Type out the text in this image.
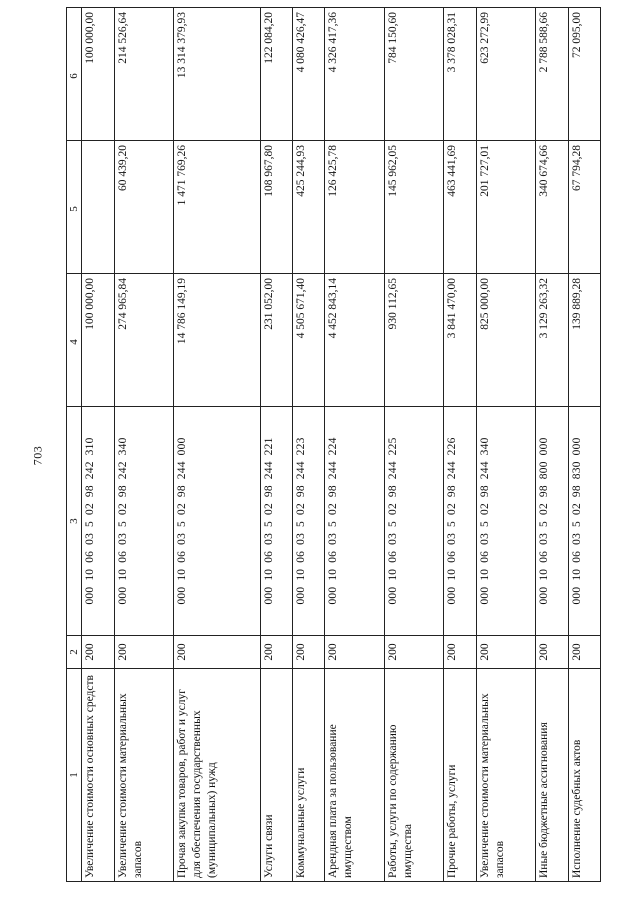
703
1	2	3	4	5	6
Увеличение стоимости основных средств	200	00010060350298242310	100 000,00		100 000,00
Увеличение стоимости материальных запасов	200	00010060350298242340	274 965,84	60 439,20	214 526,64
Прочая закупка товаров, работ и услуг для обеспечения государственных (муниципальных) нужд	200	00010060350298244000	14 786 149,19	1 471 769,26	13 314 379,93
Услуги связи	200	00010060350298244221	231 052,00	108 967,80	122 084,20
Коммунальные услуги	200	00010060350298244223	4 505 671,40	425 244,93	4 080 426,47
Арендная плата за пользование имуществом	200	00010060350298244224	4 452 843,14	126 425,78	4 326 417,36
Работы, услуги по содержанию имущества	200	00010060350298244225	930 112,65	145 962,05	784 150,60
Прочие работы, услуги	200	00010060350298244226	3 841 470,00	463 441,69	3 378 028,31
Увеличение стоимости материальных запасов	200	00010060350298244340	825 000,00	201 727,01	623 272,99
Иные бюджетные ассигнования	200	00010060350298800000	3 129 263,32	340 674,66	2 788 588,66
Исполнение судебных актов	200	00010060350298830000	139 889,28	67 794,28	72 095,00
